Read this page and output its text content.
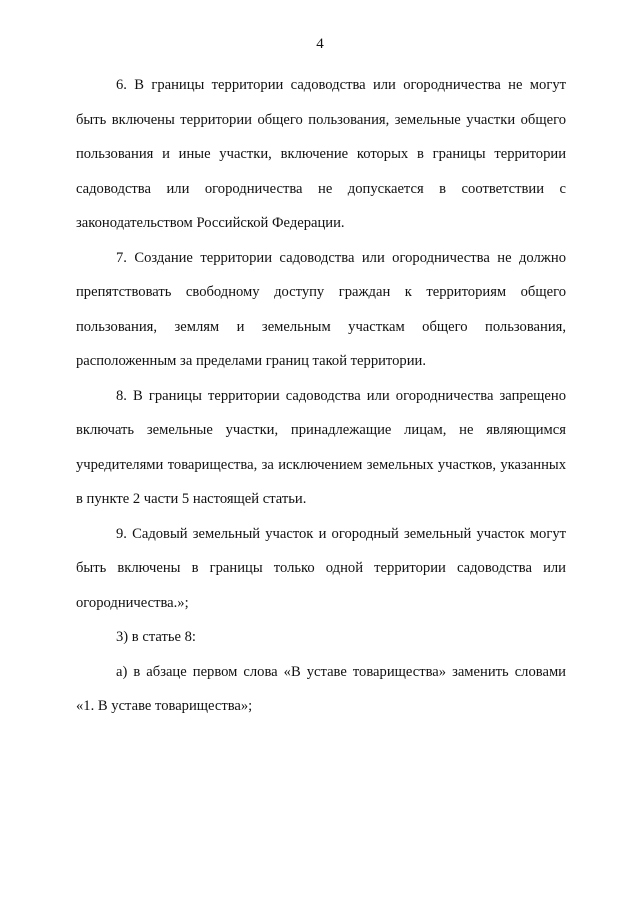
4

6. В границы территории садоводства или огородничества не могут быть включены территории общего пользования, земельные участки общего пользования и иные участки, включение которых в границы территории садоводства или огородничества не допускается в соответствии с законодательством Российской Федерации.

7. Создание территории садоводства или огородничества не должно препятствовать свободному доступу граждан к территориям общего пользования, землям и земельным участкам общего пользования, расположенным за пределами границ такой территории.

8. В границы территории садоводства или огородничества запрещено включать земельные участки, принадлежащие лицам, не являющимся учредителями товарищества, за исключением земельных участков, указанных в пункте 2 части 5 настоящей статьи.

9. Садовый земельный участок и огородный земельный участок могут быть включены в границы только одной территории садоводства или огородничества.»;

3) в статье 8:

а) в абзаце первом слова «В уставе товарищества» заменить словами «1. В уставе товарищества»;
